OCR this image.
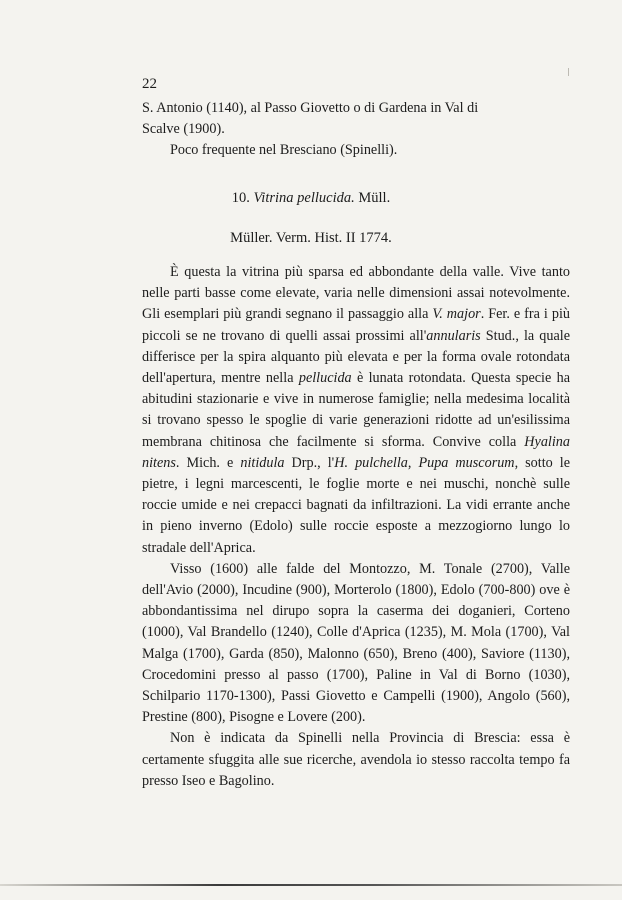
22
S. Antonio (1140), al Passo Giovetto o di Gardena in Val di
Scalve (1900).
Poco frequente nel Bresciano (Spinelli).
10. Vitrina pellucida. Müll.
Müller. Verm. Hist. II 1774.

È questa la vitrina più sparsa ed abbondante della valle. Vive tanto nelle parti basse come elevate, varia nelle dimensioni assai notevolmente. Gli esemplari più grandi segnano il passaggio alla V. major. Fer. e fra i più piccoli se ne trovano di quelli assai prossimi all'annularis Stud., la quale differisce per la spira alquanto più elevata e per la forma ovale rotondata dell'apertura, mentre nella pellucida è lunata rotondata. Questa specie ha abitudini stazionarie e vive in numerose famiglie; nella medesima località si trovano spesso le spoglie di varie generazioni ridotte ad un'esilissima membrana chitinosa che facilmente si sforma. Convive colla Hyalina nitens. Mich. e nitidula Drp., l'H. pulchella, Pupa muscorum, sotto le pietre, i legni marcescenti, le foglie morte e nei muschi, nonchè sulle roccie umide e nei crepacci bagnati da infiltrazioni. La vidi errante anche in pieno inverno (Edolo) sulle roccie esposte a mezzogiorno lungo lo stradale dell'Aprica.

Visso (1600) alle falde del Montozzo, M. Tonale (2700), Valle dell'Avio (2000), Incudine (900), Morterolo (1800), Edolo (700-800) ove è abbondantissima nel dirupo sopra la caserma dei doganieri, Corteno (1000), Val Brandello (1240), Colle d'Aprica (1235), M. Mola (1700), Val Malga (1700), Garda (850), Malonno (650), Breno (400), Saviore (1130), Crocedomini presso al passo (1700), Paline in Val di Borno (1030), Schilpario 1170-1300), Passi Giovetto e Campelli (1900), Angolo (560), Prestine (800), Pisogne e Lovere (200).

Non è indicata da Spinelli nella Provincia di Brescia: essa è certamente sfuggita alle sue ricerche, avendola io stesso raccolta tempo fa presso Iseo e Bagolino.
